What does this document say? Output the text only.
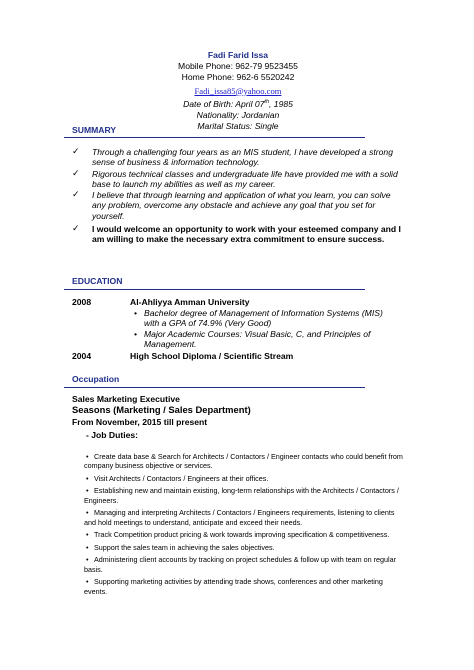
Fadi Farid Issa
Mobile Phone: 962-79 9523455
Home Phone: 962-6 5520242
Fadi_issa85@yahoo.com
Date of Birth: April 07th, 1985
Nationality: Jordanian
Marital Status: Single
SUMMARY
✓ Through a challenging four years as an MIS student, I have developed a strong sense of business & information technology.
✓ Rigorous technical classes and undergraduate life have provided me with a solid base to launch my abilities as well as my career.
✓ I believe that through learning and application of what you learn, you can solve any problem, overcome any obstacle and achieve any goal that you set for yourself.
✓ I would welcome an opportunity to work with your esteemed company and I am willing to make the necessary extra commitment to ensure success.
EDUCATION
2008	Al-Ahliyya Amman University
• Bachelor degree of Management of Information Systems (MIS) with a GPA of 74.9% (Very Good)
• Major Academic Courses: Visual Basic, C, and Principles of Management.
2004	High School Diploma / Scientific Stream
Occupation
Sales Marketing Executive
Seasons (Marketing / Sales Department)
From November, 2015 till present
- Job Duties:
• Create data base & Search for Architects / Contactors / Engineer contacts who could benefit from company business objective or services.
• Visit Architects / Contactors / Engineers at their offices.
• Establishing new and maintain existing, long-term relationships with the Architects / Contactors / Engineers.
• Managing and interpreting Architects / Contactors / Engineers requirements, listening to clients and hold meetings to understand, anticipate and exceed their needs.
• Track Competition product pricing & work towards improving specification & competitiveness.
• Support the sales team in achieving the sales objectives.
• Administering client accounts by tracking on project schedules & follow up with team on regular basis.
• Supporting marketing activities by attending trade shows, conferences and other marketing events.
